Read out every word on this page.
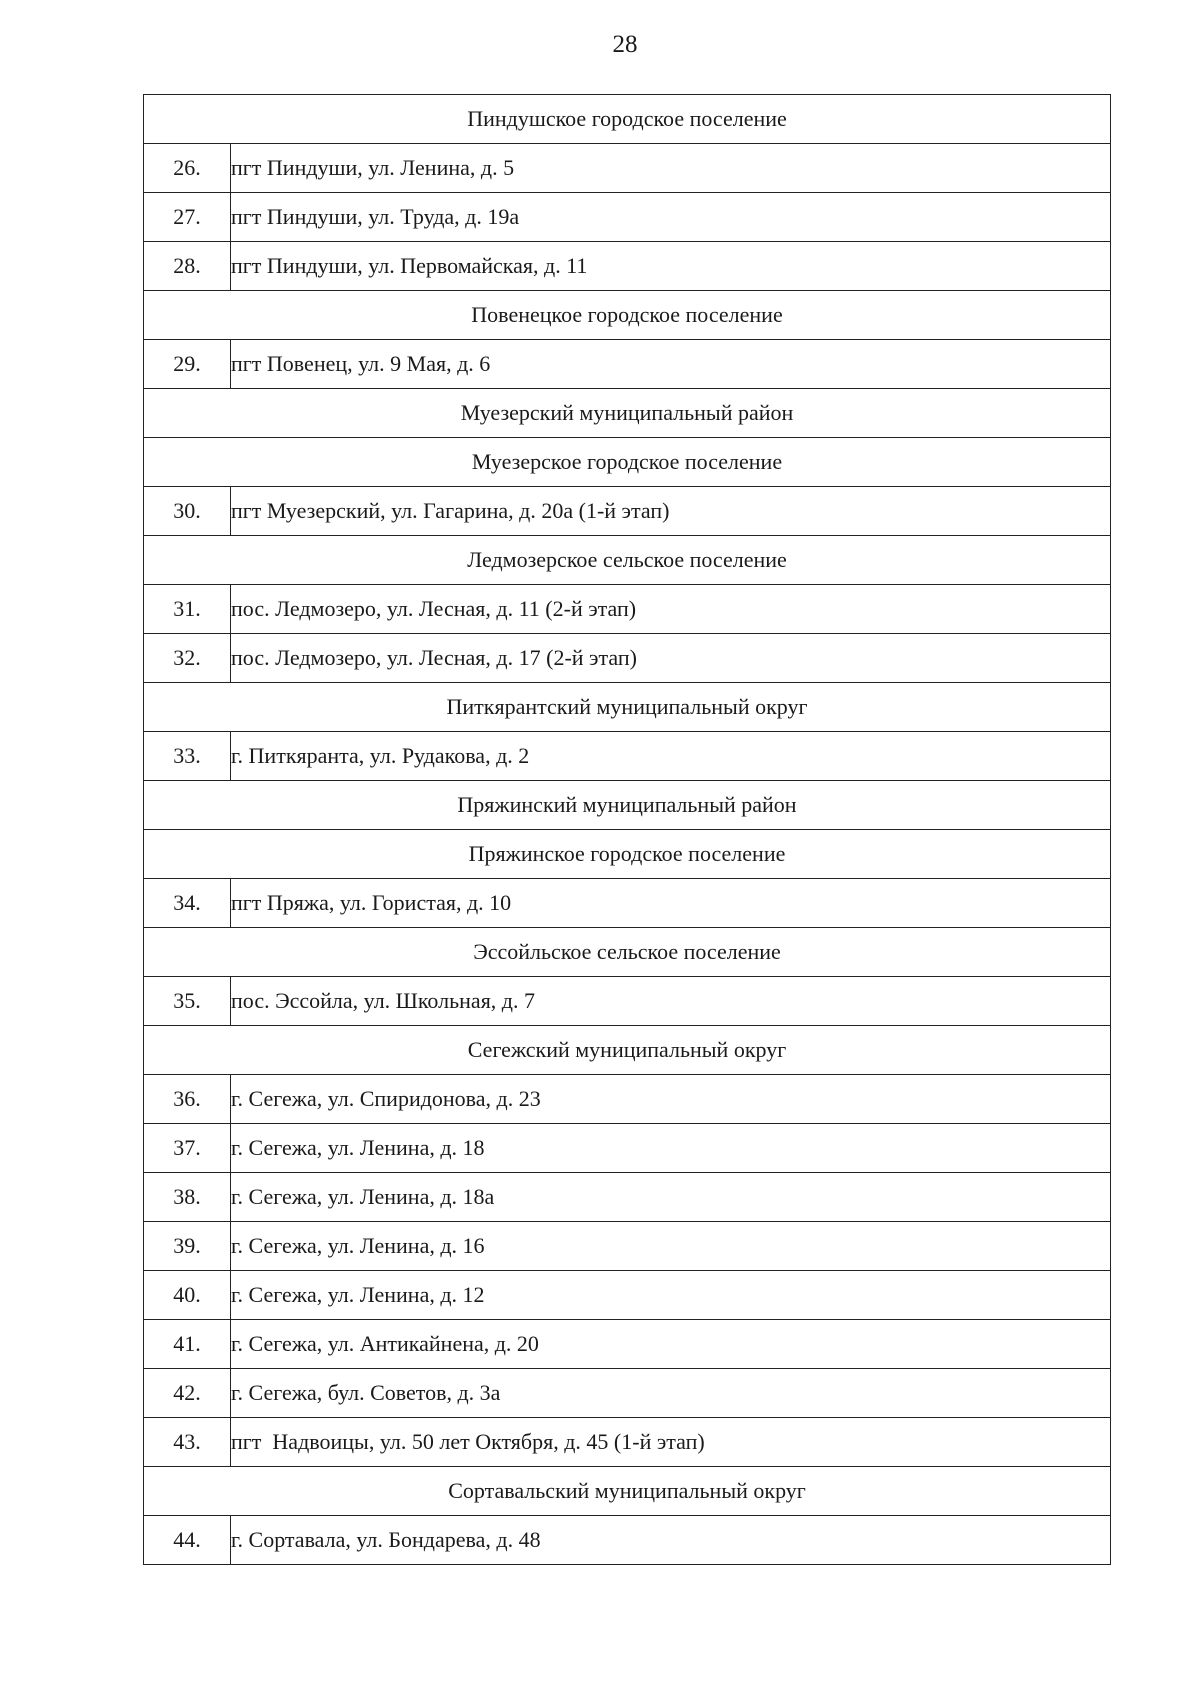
28
Пиндушское городское поселение	
26.	пгт Пиндуши, ул. Ленина, д. 5
27.	пгт Пиндуши, ул. Труда, д. 19а
28.	пгт Пиндуши, ул. Первомайская, д. 11
Повенецкое городское поселение	
29.	пгт Повенец, ул. 9 Мая, д. 6
Муезерский муниципальный район	
Муезерское городское поселение	
30.	пгт Муезерский, ул. Гагарина, д. 20а (1-й этап)
Ледмозерское сельское поселение	
31.	пос. Ледмозеро, ул. Лесная, д. 11 (2-й этап)
32.	пос. Ледмозеро, ул. Лесная, д. 17 (2-й этап)
Питкярантский муниципальный округ	
33.	г. Питкяранта, ул. Рудакова, д. 2
Пряжинский муниципальный район	
Пряжинское городское поселение	
34.	пгт Пряжа, ул. Гористая, д. 10
Эссойльское сельское поселение	
35.	пос. Эссойла, ул. Школьная, д. 7
Сегежский муниципальный округ	
36.	г. Сегежа, ул. Спиридонова, д. 23
37.	г. Сегежа, ул. Ленина, д. 18
38.	г. Сегежа, ул. Ленина, д. 18а
39.	г. Сегежа, ул. Ленина, д. 16
40.	г. Сегежа, ул. Ленина, д. 12
41.	г. Сегежа, ул. Антикайнена, д. 20
42.	г. Сегежа, бул. Советов, д. 3а
43.	пгт  Надвоицы, ул. 50 лет Октября, д. 45 (1-й этап)
Сортавальский муниципальный округ	
44.	г. Сортавала, ул. Бондарева, д. 48
